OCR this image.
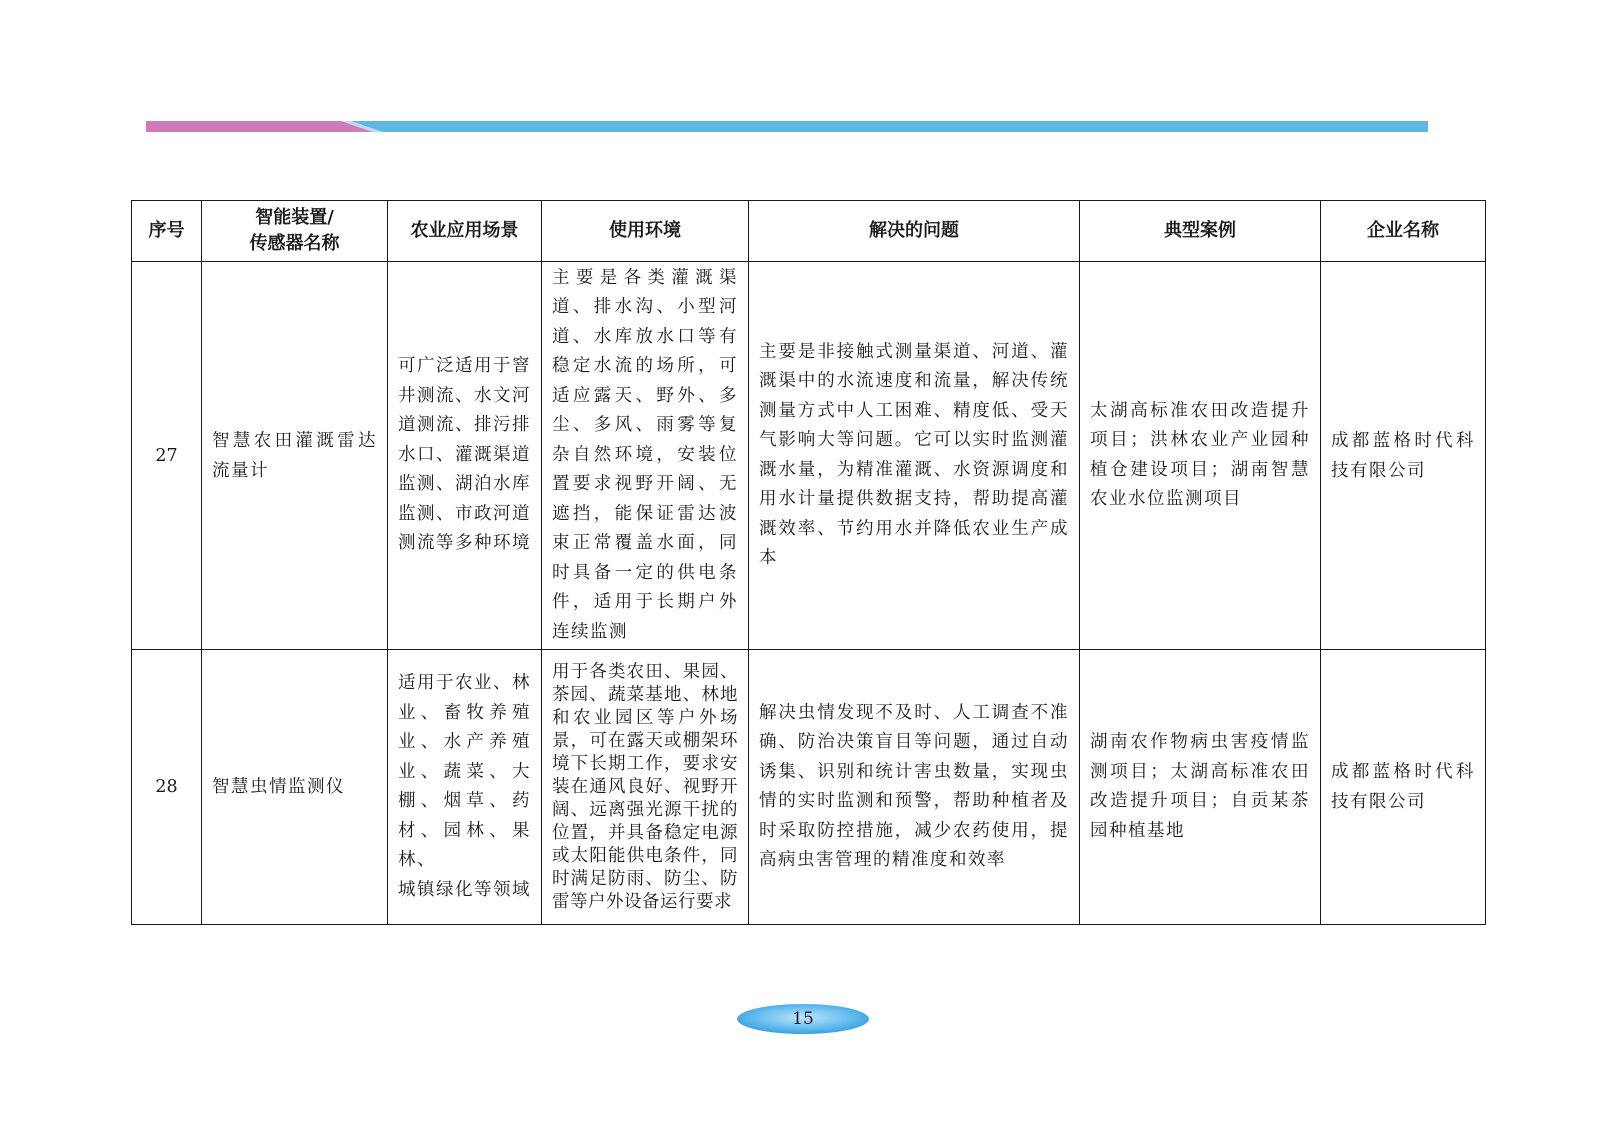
序号	智能装置/
传感器名称	农业应用场景	使用环境	解决的问题	典型案例	企业名称
27	智慧农田灌溉雷达流量计	可广泛适用于窨井测流、水文河道测流、排污排水口、灌溉渠道监测、湖泊水库监测、市政河道测流等多种环境	主要是各类灌溉渠道、排水沟、小型河道、水库放水口等有稳定水流的场所，可适应露天、野外、多尘、多风、雨雾等复杂自然环境，安装位置要求视野开阔、无遮挡，能保证雷达波束正常覆盖水面，同时具备一定的供电条件，适用于长期户外连续监测	主要是非接触式测量渠道、河道、灌溉渠中的水流速度和流量，解决传统测量方式中人工困难、精度低、受天气影响大等问题。它可以实时监测灌溉水量，为精准灌溉、水资源调度和用水计量提供数据支持，帮助提高灌溉效率、节约用水并降低农业生产成本	太湖高标准农田改造提升项目；洪林农业产业园种植仓建设项目；湖南智慧农业水位监测项目	成都蓝格时代科技有限公司

28	智慧虫情监测仪	适用于农业、林业、畜牧养殖业、水产养殖业、蔬菜、大棚、烟草、药材、园林、果林、
城镇绿化等领域	用于各类农田、果园、茶园、蔬菜基地、林地和农业园区等户外场景，可在露天或棚架环境下长期工作，要求安装在通风良好、视野开阔、远离强光源干扰的位置，并具备稳定电源或太阳能供电条件，同时满足防雨、防尘、防雷等户外设备运行要求	解决虫情发现不及时、人工调查不准确、防治决策盲目等问题，通过自动诱集、识别和统计害虫数量，实现虫情的实时监测和预警，帮助种植者及时采取防控措施，减少农药使用，提高病虫害管理的精准度和效率	湖南农作物病虫害疫情监测项目；太湖高标准农田改造提升项目；自贡某茶园种植基地	成都蓝格时代科技有限公司
15
